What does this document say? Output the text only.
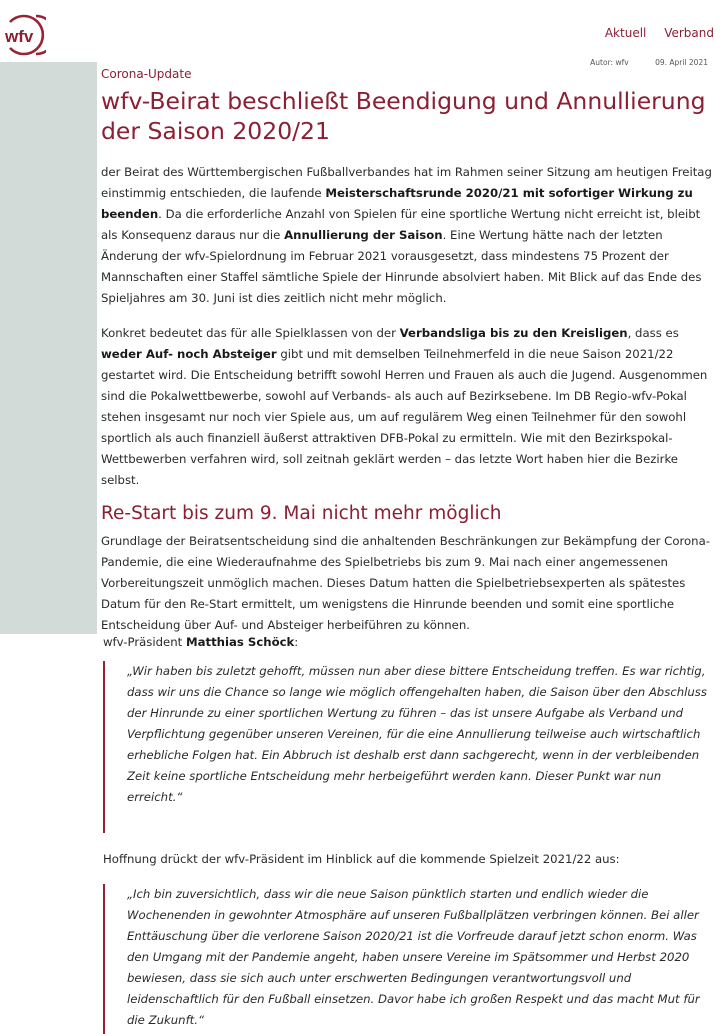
wfv	Aktuell Verband
Autor: wfv	09. April 2021
Corona-Update
wfv-Beirat beschließt Beendigung und Annullierung der Saison 2020/21

der Beirat des Württembergischen Fußballverbandes hat im Rahmen seiner Sitzung am heutigen Freitag einstimmig entschieden, die laufende Meisterschaftsrunde 2020/21 mit sofortiger Wirkung zu beenden. Da die erforderliche Anzahl von Spielen für eine sportliche Wertung nicht erreicht ist, bleibt als Konsequenz daraus nur die Annullierung der Saison. Eine Wertung hätte nach der letzten Änderung der wfv-Spielordnung im Februar 2021 vorausgesetzt, dass mindestens 75 Prozent der Mannschaften einer Staffel sämtliche Spiele der Hinrunde absolviert haben. Mit Blick auf das Ende des Spieljahres am 30. Juni ist dies zeitlich nicht mehr möglich.

Konkret bedeutet das für alle Spielklassen von der Verbandsliga bis zu den Kreisligen, dass es weder Auf- noch Absteiger gibt und mit demselben Teilnehmerfeld in die neue Saison 2021/22 gestartet wird. Die Entscheidung betrifft sowohl Herren und Frauen als auch die Jugend. Ausgenommen sind die Pokalwettbewerbe, sowohl auf Verbands- als auch auf Bezirksebene. Im DB Regio-wfv-Pokal stehen insgesamt nur noch vier Spiele aus, um auf regulärem Weg einen Teilnehmer für den sowohl sportlich als auch finanziell äußerst attraktiven DFB-Pokal zu ermitteln. Wie mit den Bezirkspokal-Wettbewerben verfahren wird, soll zeitnah geklärt werden – das letzte Wort haben hier die Bezirke selbst.

Re-Start bis zum 9. Mai nicht mehr möglich

Grundlage der Beiratsentscheidung sind die anhaltenden Beschränkungen zur Bekämpfung der Corona-Pandemie, die eine Wiederaufnahme des Spielbetriebs bis zum 9. Mai nach einer angemessenen Vorbereitungszeit unmöglich machen. Dieses Datum hatten die Spielbetriebsexperten als spätestes Datum für den Re-Start ermittelt, um wenigstens die Hinrunde beenden und somit eine sportliche Entscheidung über Auf- und Absteiger herbeiführen zu können.

wfv-Präsident Matthias Schöck:
„Wir haben bis zuletzt gehofft, müssen nun aber diese bittere Entscheidung treffen. Es war richtig, dass wir uns die Chance so lange wie möglich offengehalten haben, die Saison über den Abschluss der Hinrunde zu einer sportlichen Wertung zu führen – das ist unsere Aufgabe als Verband und Verpflichtung gegenüber unseren Vereinen, für die eine Annullierung teilweise auch wirtschaftlich erhebliche Folgen hat. Ein Abbruch ist deshalb erst dann sachgerecht, wenn in der verbleibenden Zeit keine sportliche Entscheidung mehr herbeigeführt werden kann. Dieser Punkt war nun erreicht.“
Hoffnung drückt der wfv-Präsident im Hinblick auf die kommende Spielzeit 2021/22 aus:
„Ich bin zuversichtlich, dass wir die neue Saison pünktlich starten und endlich wieder die Wochenenden in gewohnter Atmosphäre auf unseren Fußballplätzen verbringen können. Bei aller Enttäuschung über die verlorene Saison 2020/21 ist die Vorfreude darauf jetzt schon enorm. Was den Umgang mit der Pandemie angeht, haben unsere Vereine im Spätsommer und Herbst 2020 bewiesen, dass sie sich auch unter erschwerten Bedingungen verantwortungsvoll und leidenschaftlich für den Fußball einsetzen. Davor habe ich großen Respekt und das macht Mut für die Zukunft.“
